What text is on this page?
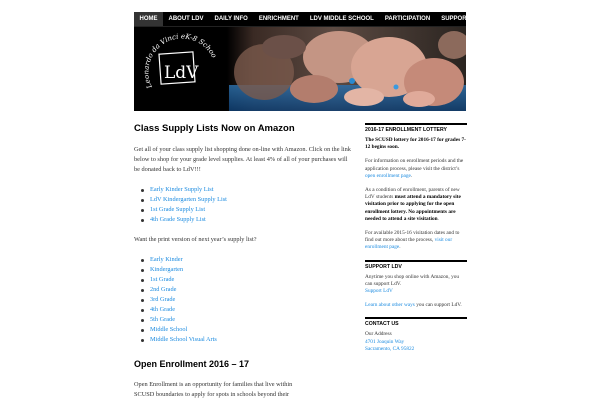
HOME	ABOUT LDV	DAILY INFO	ENRICHMENT	LDV MIDDLE SCHOOL	PARTICIPATION	SUPPORT
Leonardo da Vinci eK-8 Schoo
LdV
Class Supply Lists Now on Amazon

Get all of your class supply list shopping done on-line with Amazon. Click on the link below to shop for your grade level supplies. At least 4% of all of your purchases will be donated back to LdV!!!

Early Kinder Supply List
LdV Kindergarten Supply List
1st Grade Supply List
4th Grade Supply List

Want the print version of next year’s supply list?

Early Kinder
Kindergarten
1st Grade
2nd Grade
3rd Grade
4th Grade
5th Grade
Middle School
Middle School Visual Arts
Open Enrollment 2016 – 17

Open Enrollment is an opportunity for families that live within
SCUSD boundaries to apply for spots in schools beyond their

2016-17 ENROLLMENT LOTTERY

The SCUSD lottery for 2016-17 for grades 7-12 begins soon.

For information on enrollment periods and the application process, please visit the district’s open enrollment page.

As a condition of enrollment, parents of new LdV students must attend a mandatory site visitation prior to applying for the open enrollment lottery. No appointments are needed to attend a site visitation.

For available 2015-16 visitation dates and to find out more about the process, visit our enrollment page.

SUPPORT LDV

Anytime you shop online with Amazon, you can support LdV.
Support LdV

Learn about other ways you can support LdV.

CONTACT US

Our Address
4701 Joaquin Way
Sacramento, CA 95822
